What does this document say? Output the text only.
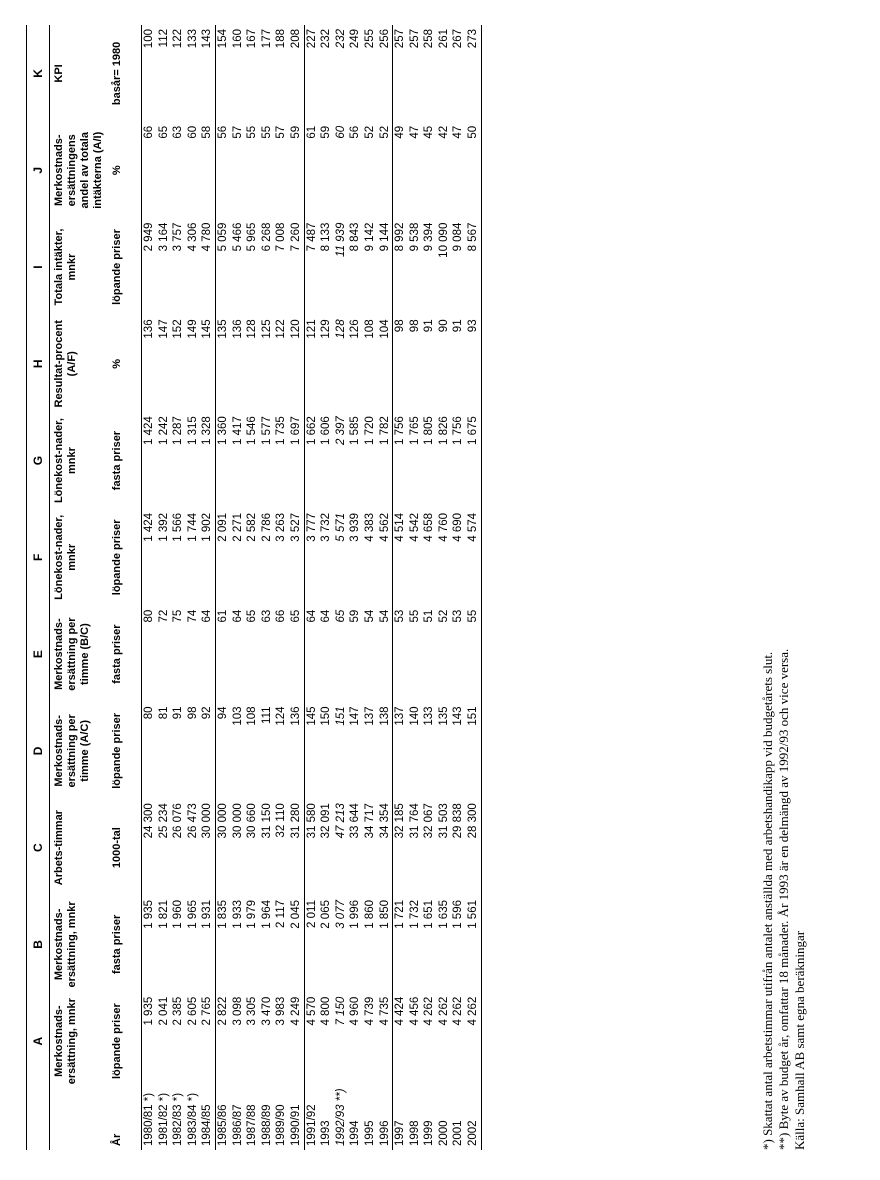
	A	B	C	D	E	F	G	H	I	J	K
	Merkostnads-ersättning, mnkr	Merkostnads-ersättning, mnkr	Arbets-timmar	Merkostnads-ersättning per timme (A/C)	Merkostnads-ersättning per timme (B/C)	Lönekost-nader, mnkr	Lönekost-nader, mnkr	Resultat-procent (A/F)	Totala intäkter, mnkr	Merkostnads-ersättningens andel av totala intäkterna (A/I)	KPI
År	löpande priser	fasta priser	1000-tal	löpande priser	fasta priser	löpande priser	fasta priser	%	löpande priser	%	basår= 1980
1980/81 *)	1 935	1 935	24 300	80	80	1 424	1 424	136	2 949	66	100
1981/82 *)	2 041	1 821	25 234	81	72	1 392	1 242	147	3 164	65	112
1982/83 *)	2 385	1 960	26 076	91	75	1 566	1 287	152	3 757	63	122
1983/84 *)	2 605	1 965	26 473	98	74	1 744	1 315	149	4 306	60	133
1984/85	2 765	1 931	30 000	92	64	1 902	1 328	145	4 780	58	143
1985/86	2 822	1 835	30 000	94	61	2 091	1 360	135	5 059	56	154
1986/87	3 098	1 933	30 000	103	64	2 271	1 417	136	5 466	57	160
1987/88	3 305	1 979	30 660	108	65	2 582	1 546	128	5 965	55	167
1988/89	3 470	1 964	31 150	111	63	2 786	1 577	125	6 268	55	177
1989/90	3 983	2 117	32 110	124	66	3 263	1 735	122	7 008	57	188
1990/91	4 249	2 045	31 280	136	65	3 527	1 697	120	7 260	59	208
1991/92	4 570	2 011	31 580	145	64	3 777	1 662	121	7 487	61	227
1993	4 800	2 065	32 091	150	64	3 732	1 606	129	8 133	59	232
1992/93 **)	7 150	3 077	47 213	151	65	5 571	2 397	128	11 939	60	232
1994	4 960	1 996	33 644	147	59	3 939	1 585	126	8 843	56	249
1995	4 739	1 860	34 717	137	54	4 383	1 720	108	9 142	52	255
1996	4 735	1 850	34 354	138	54	4 562	1 782	104	9 144	52	256
1997	4 424	1 721	32 185	137	53	4 514	1 756	98	8 992	49	257
1998	4 456	1 732	31 764	140	55	4 542	1 765	98	9 538	47	257
1999	4 262	1 651	32 067	133	51	4 658	1 805	91	9 394	45	258
2000	4 262	1 635	31 503	135	52	4 760	1 826	90	10 090	42	261
2001	4 262	1 596	29 838	143	53	4 690	1 756	91	9 084	47	267
2002	4 262	1 561	28 300	151	55	4 574	1 675	93	8 567	50	273
*) Skattat antal arbetstimmar utifrån antalet anställda med arbetshandikapp vid budgetårets slut. **) Byte av budget år, omfattar 18 månader. År 1993 är en delmängd av 1992/93 och vice versa. Källa: Samhall AB samt egna beräkningar
